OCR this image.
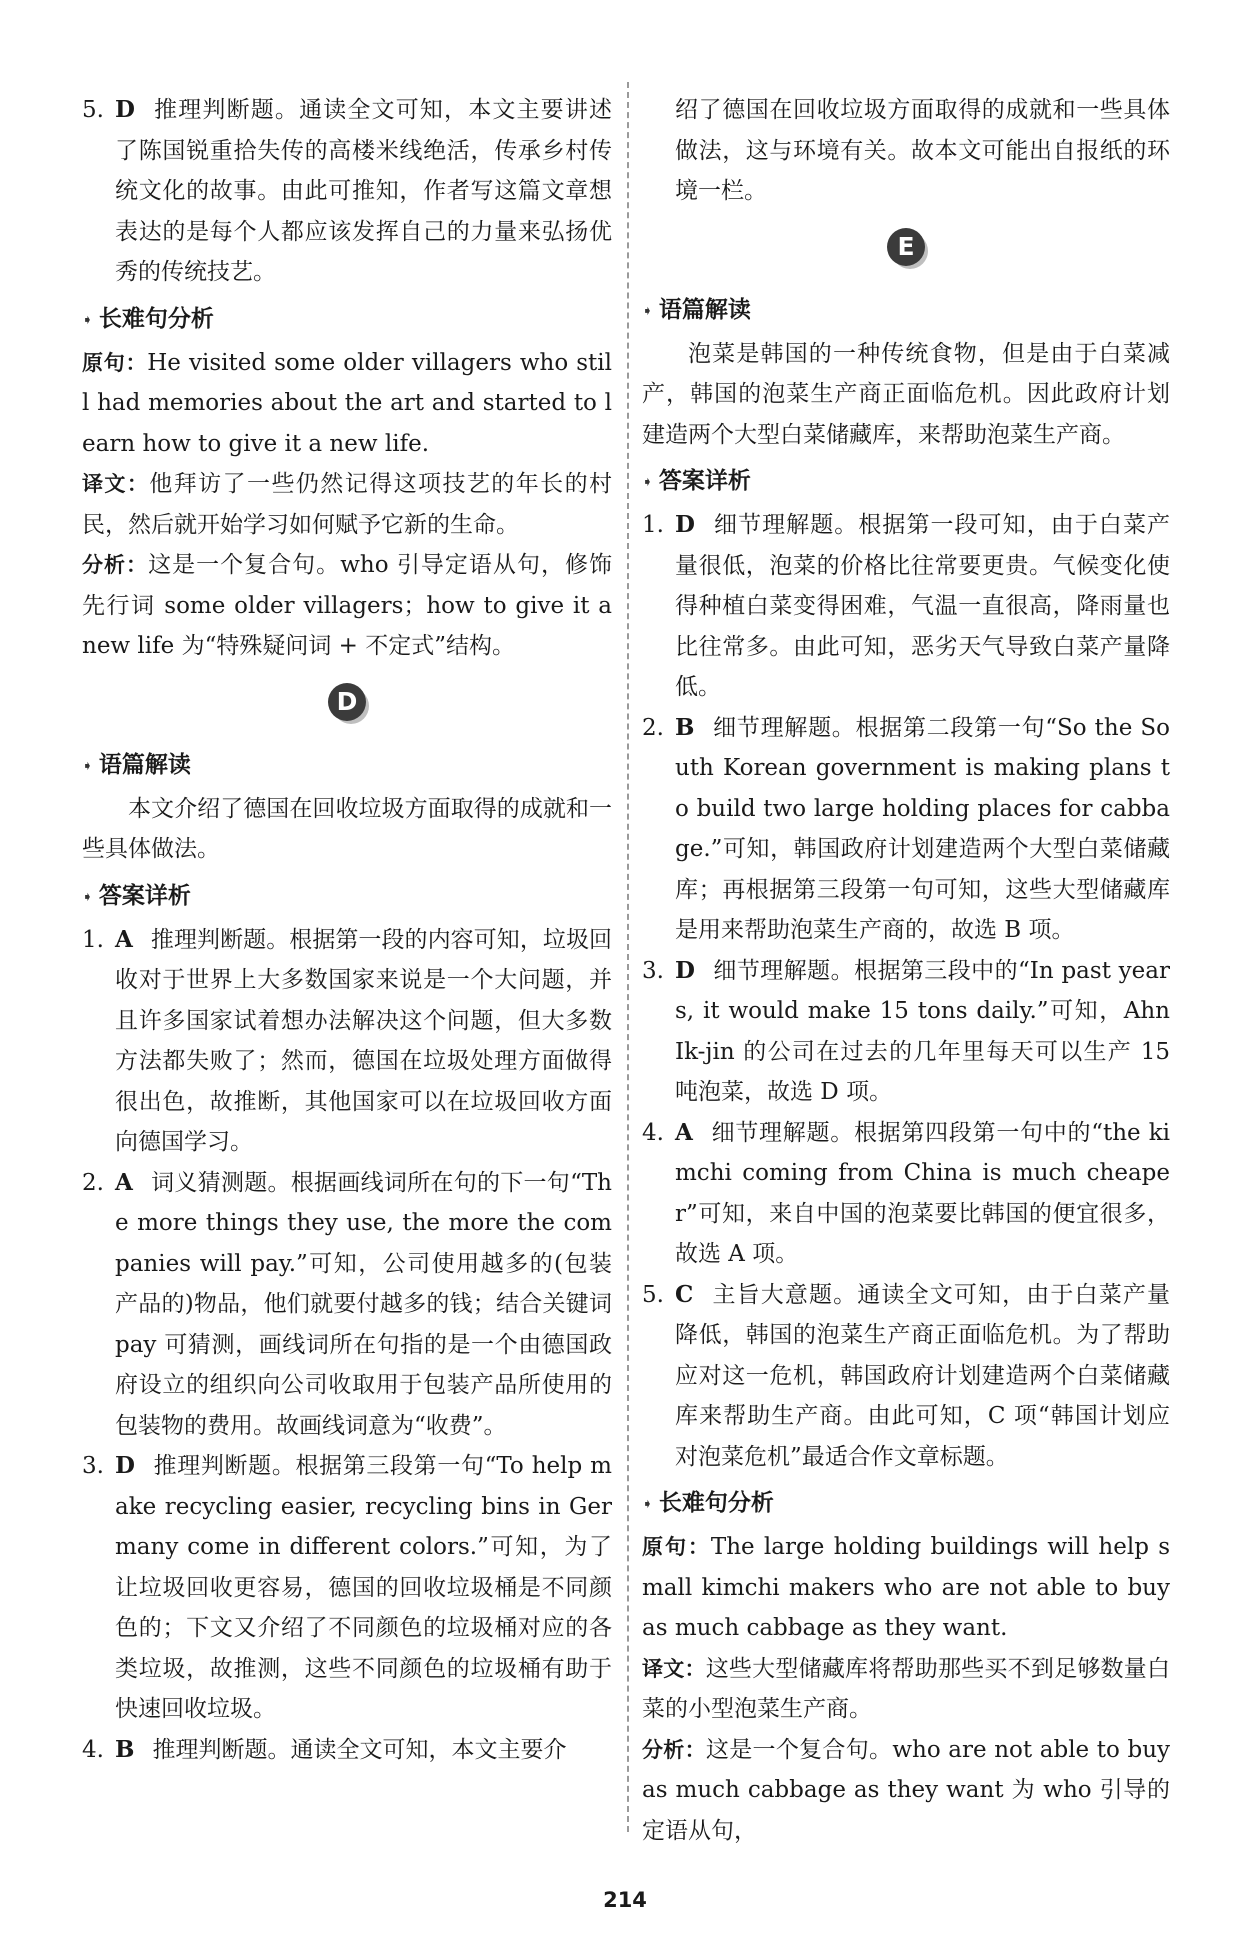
5. D 推理判断题。通读全文可知，本文主要讲述了陈国锐重拾失传的高楼米线绝活，传承乡村传统文化的故事。由此可推知，作者写这篇文章想表达的是每个人都应该发挥自己的力量来弘扬优秀的传统技艺。

➧ 长难句分析

原句：He visited some older villagers who still had memories about the art and started to learn how to give it a new life.

译文：他拜访了一些仍然记得这项技艺的年长的村民，然后就开始学习如何赋予它新的生命。

分析：这是一个复合句。who 引导定语从句，修饰先行词 some older villagers；how to give it a new life 为“特殊疑问词 + 不定式”结构。

D
➧ 语篇解读

本文介绍了德国在回收垃圾方面取得的成就和一些具体做法。

➧ 答案详析

1. A 推理判断题。根据第一段的内容可知，垃圾回收对于世界上大多数国家来说是一个大问题，并且许多国家试着想办法解决这个问题，但大多数方法都失败了；然而，德国在垃圾处理方面做得很出色，故推断，其他国家可以在垃圾回收方面向德国学习。

2. A 词义猜测题。根据画线词所在句的下一句“The more things they use, the more the companies will pay.”可知，公司使用越多的(包装产品的)物品，他们就要付越多的钱；结合关键词 pay 可猜测，画线词所在句指的是一个由德国政府设立的组织向公司收取用于包装产品所使用的包装物的费用。故画线词意为“收费”。

3. D 推理判断题。根据第三段第一句“To help make recycling easier, recycling bins in Germany come in different colors.”可知，为了让垃圾回收更容易，德国的回收垃圾桶是不同颜色的；下文又介绍了不同颜色的垃圾桶对应的各类垃圾，故推测，这些不同颜色的垃圾桶有助于快速回收垃圾。

4. B 推理判断题。通读全文可知，本文主要介

绍了德国在回收垃圾方面取得的成就和一些具体做法，这与环境有关。故本文可能出自报纸的环境一栏。

E
➧ 语篇解读

泡菜是韩国的一种传统食物，但是由于白菜减产，韩国的泡菜生产商正面临危机。因此政府计划建造两个大型白菜储藏库，来帮助泡菜生产商。

➧ 答案详析

1. D 细节理解题。根据第一段可知，由于白菜产量很低，泡菜的价格比往常要更贵。气候变化使得种植白菜变得困难，气温一直很高，降雨量也比往常多。由此可知，恶劣天气导致白菜产量降低。

2. B 细节理解题。根据第二段第一句“So the South Korean government is making plans to build two large holding places for cabbage.”可知，韩国政府计划建造两个大型白菜储藏库；再根据第三段第一句可知，这些大型储藏库是用来帮助泡菜生产商的，故选 B 项。

3. D 细节理解题。根据第三段中的“In past years, it would make 15 tons daily.”可知，Ahn Ik-jin 的公司在过去的几年里每天可以生产 15 吨泡菜，故选 D 项。

4. A 细节理解题。根据第四段第一句中的“the kimchi coming from China is much cheaper”可知，来自中国的泡菜要比韩国的便宜很多，故选 A 项。

5. C 主旨大意题。通读全文可知，由于白菜产量降低，韩国的泡菜生产商正面临危机。为了帮助应对这一危机，韩国政府计划建造两个白菜储藏库来帮助生产商。由此可知，C 项“韩国计划应对泡菜危机”最适合作文章标题。

➧ 长难句分析

原句：The large holding buildings will help small kimchi makers who are not able to buy as much cabbage as they want.

译文：这些大型储藏库将帮助那些买不到足够数量白菜的小型泡菜生产商。

分析：这是一个复合句。who are not able to buy as much cabbage as they want 为 who 引导的定语从句，

214
